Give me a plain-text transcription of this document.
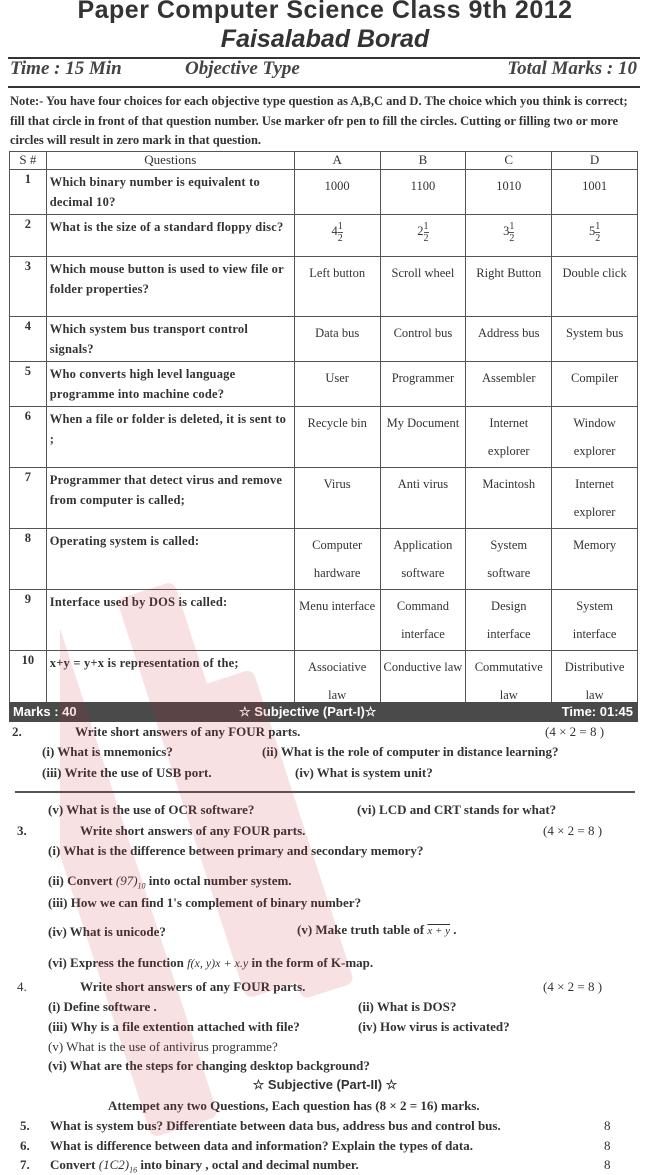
Paper Computer Science Class 9th 2012
Faisalabad Borad
Time : 15 Min	Objective Type	Total Marks : 10
Note:- You have four choices for each objective type question as A,B,C and D. The choice which you think is correct; fill that circle in front of that question number. Use marker ofr pen to fill the circles. Cutting or filling two or more circles will result in zero mark in that question.
S #	Questions	A	B	C	D
1	Which binary number is equivalent to decimal 10?	1000	1100	1010	1001
2	What is the size of a standard floppy disc?	$4 \frac{1}{2}$	$2 \frac{1}{2}$	$3 \frac{1}{2}$	$5 \frac{1}{2}$

3	Which mouse button is used to view file or folder properties?	Left button	Scroll wheel	Right Button	Double click
4	Which system bus transport control signals?	Data bus	Control bus	Address bus	System bus
5	Who converts high level language programme into machine code?	User	Programmer	Assembler	Compiler
6	When a file or folder is deleted, it is sent to ;	Recycle bin	My Document	Internet explorer	Window explorer
7	Programmer that detect virus and remove from computer is called;	Virus	Anti virus	Macintosh	Internet explorer
8	Operating system is called:	Computer hardware	Application software	System software	Memory
9	Interface used by DOS is called:	Menu interface	Command interface	Design interface	System interface
10	x+y = y+x is representation of the;	Associative law	Conductive law	Commutative law	Distributive law
Marks : 40	☆ Subjective (Part-I)☆	Time: 01:45
2.	Write short answers of any FOUR parts.	(4 × 2 = 8 )
(i) What is mnemonics?	(ii) What is the role of computer in distance learning?
(iii) Write the use of USB port.	(iv) What is system unit?
(v) What is the use of OCR software?	(vi) LCD and CRT stands for what?
3.	Write short answers of any FOUR parts.	(4 × 2 = 8 )
(i) What is the difference between primary and secondary memory?
(ii) Convert $(97)_{10}$ into octal number system.
(iii) How we can find 1's complement of binary number?
(iv) What is unicode?	(v) Make truth table of x + y .
(vi) Express the function f(x, y)x + x.y in the form of K-map.
4.	Write short answers of any FOUR parts.	(4 × 2 = 8 )
(i) Define software .	(ii) What is DOS?
(iii) Why is a file extention attached with file?	(iv) How virus is activated?
(v) What is the use of antivirus programme?
(vi) What are the steps for changing desktop background?
☆ Subjective (Part-II) ☆
Attempet any two Questions, Each question has (8 × 2 = 16) marks.
5. What is system bus? Differentiate between data bus, address bus and control bus.	8
6. What is difference between data and information? Explain the types of data.	8
7. Convert $(1C2)_{16}$ into binary , octal and decimal number.	8
